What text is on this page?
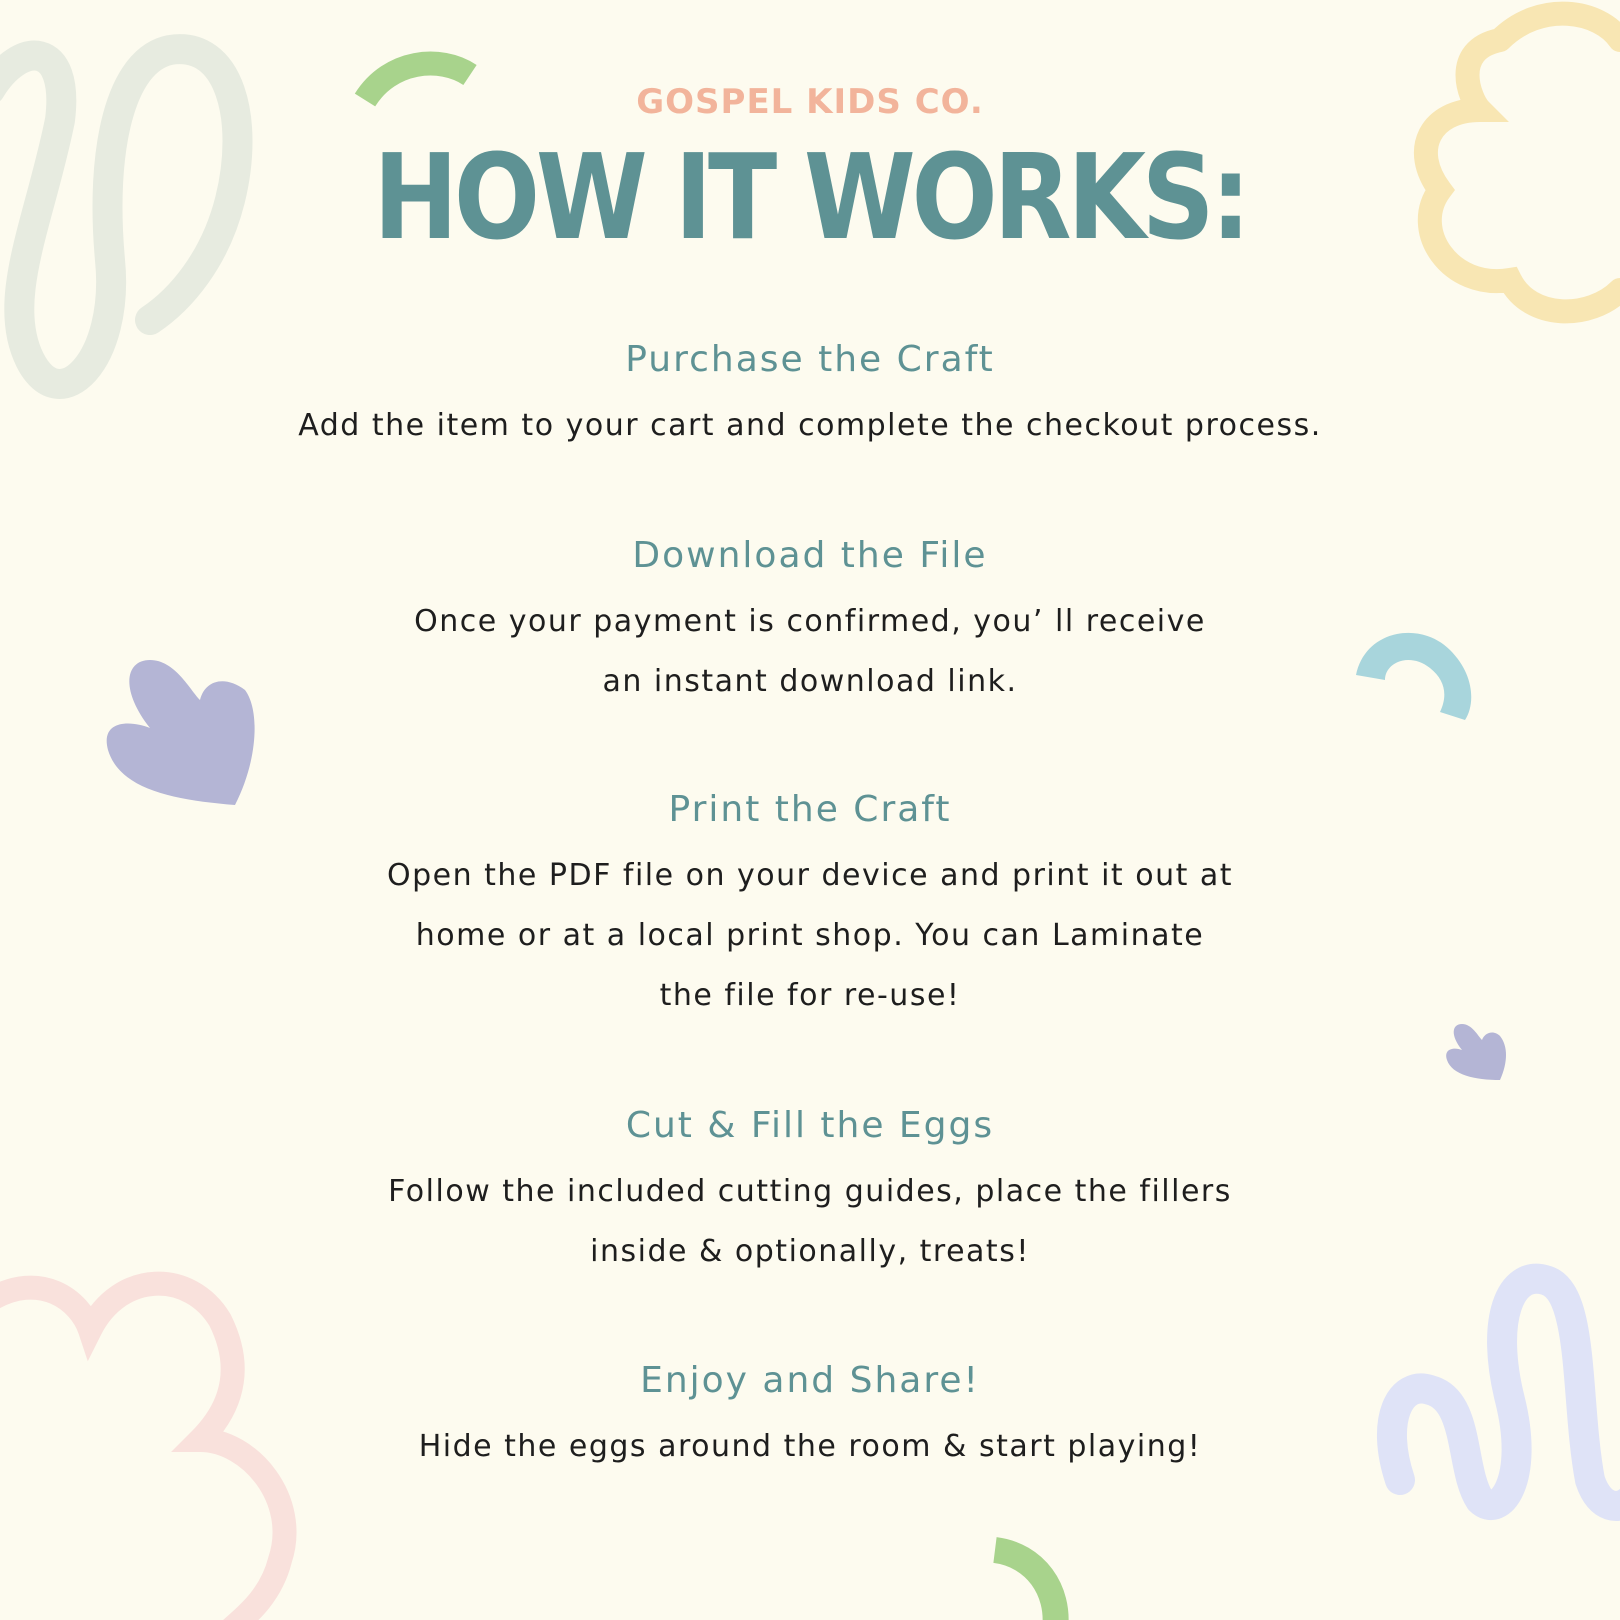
GOSPEL KIDS CO.
HOW IT WORKS:
Purchase the Craft

Add the item to your cart and complete the checkout process.

Download the File

Once your payment is confirmed, you’ ll receive
an instant download link.

Print the Craft

Open the PDF file on your device and print it out at
home or at a local print shop. You can Laminate
the file for re-use!

Cut & Fill the Eggs

Follow the included cutting guides, place the fillers
inside & optionally, treats!

Enjoy and Share!

Hide the eggs around the room & start playing!
